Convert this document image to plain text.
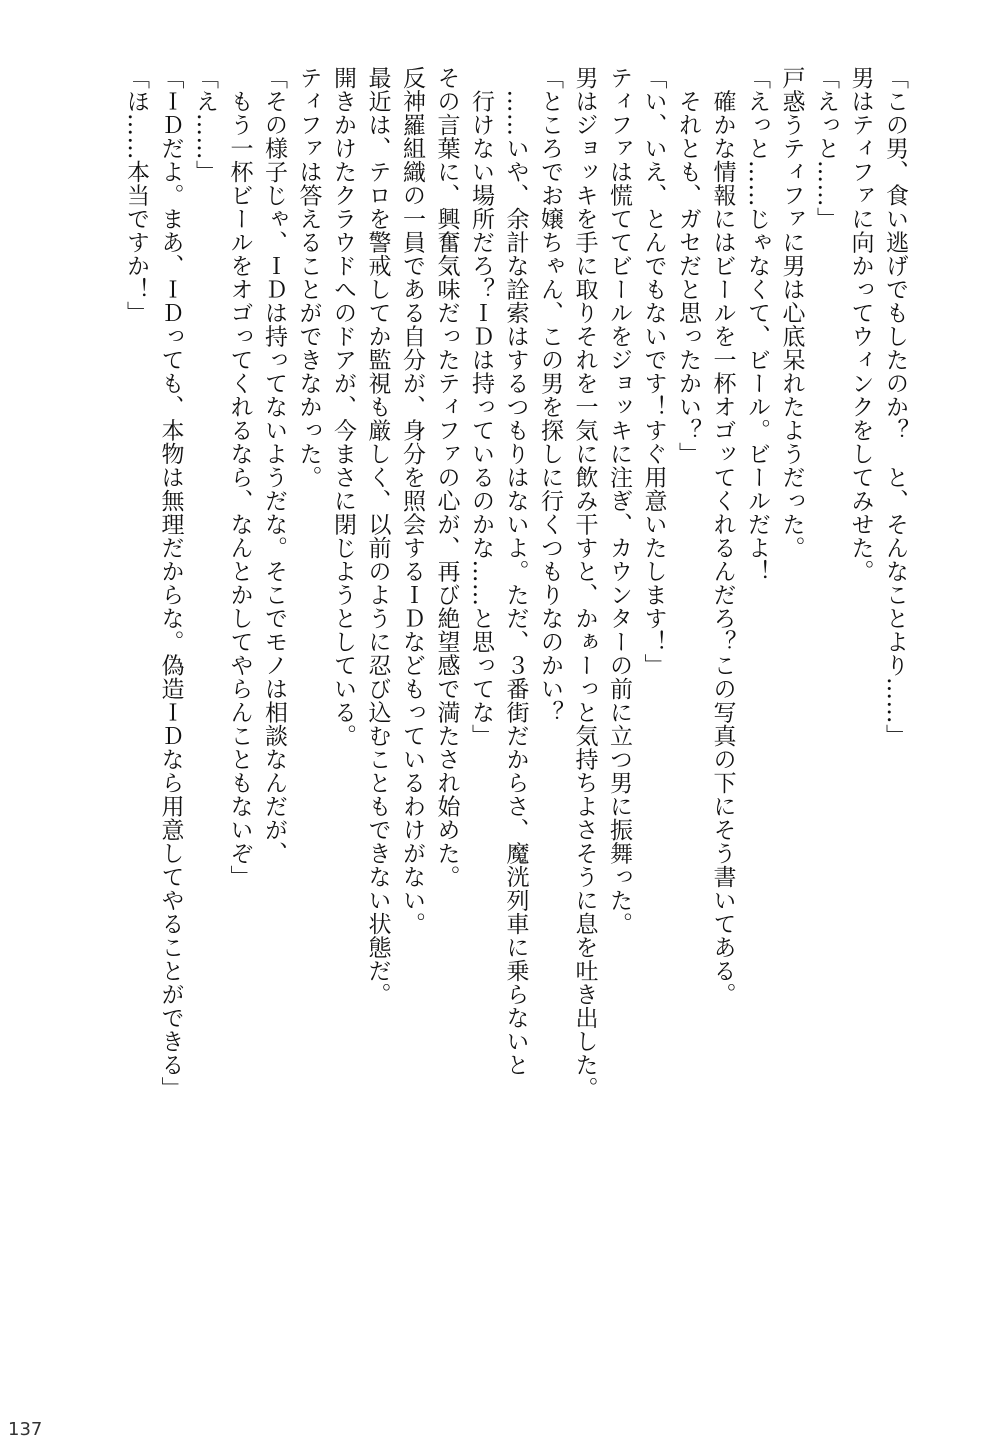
「この男、食い逃げでもしたのか？　と、そんなことより……」
男はティファに向かってウィンクをしてみせた。
「えっと……」
戸惑うティファに男は心底呆れたようだった。
「えっと……じゃなくて、ビール。ビールだよ！
　確かな情報にはビールを一杯オゴッてくれるんだろ？この写真の下にそう書いてある。
　それとも、ガセだと思ったかい？」
「い、いえ、とんでもないです！すぐ用意いたします！」
ティファは慌ててビールをジョッキに注ぎ、カウンターの前に立つ男に振舞った。
男はジョッキを手に取りそれを一気に飲み干すと、かぁーっと気持ちよさそうに息を吐き出した。
「ところでお嬢ちゃん、この男を探しに行くつもりなのかい？
　……いや、余計な詮索はするつもりはないよ。ただ、３番街だからさ、魔洸列車に乗らないと
　行けない場所だろ？ＩＤは持っているのかな……と思ってな」
その言葉に、興奮気味だったティファの心が、再び絶望感で満たされ始めた。
反神羅組織の一員である自分が、身分を照会するＩＤなどもっているわけがない。
最近は、テロを警戒してか監視も厳しく、以前のように忍び込むこともできない状態だ。
開きかけたクラウドへのドアが、今まさに閉じようとしている。
ティファは答えることができなかった。
「その様子じゃ、ＩＤは持ってないようだな。そこでモノは相談なんだが、
　もう一杯ビールをオゴってくれるなら、なんとかしてやらんこともないぞ」
「え……」
「ＩＤだよ。まあ、ＩＤっても、本物は無理だからな。偽造ＩＤなら用意してやることができる」
「ほ……本当ですか！」
137
